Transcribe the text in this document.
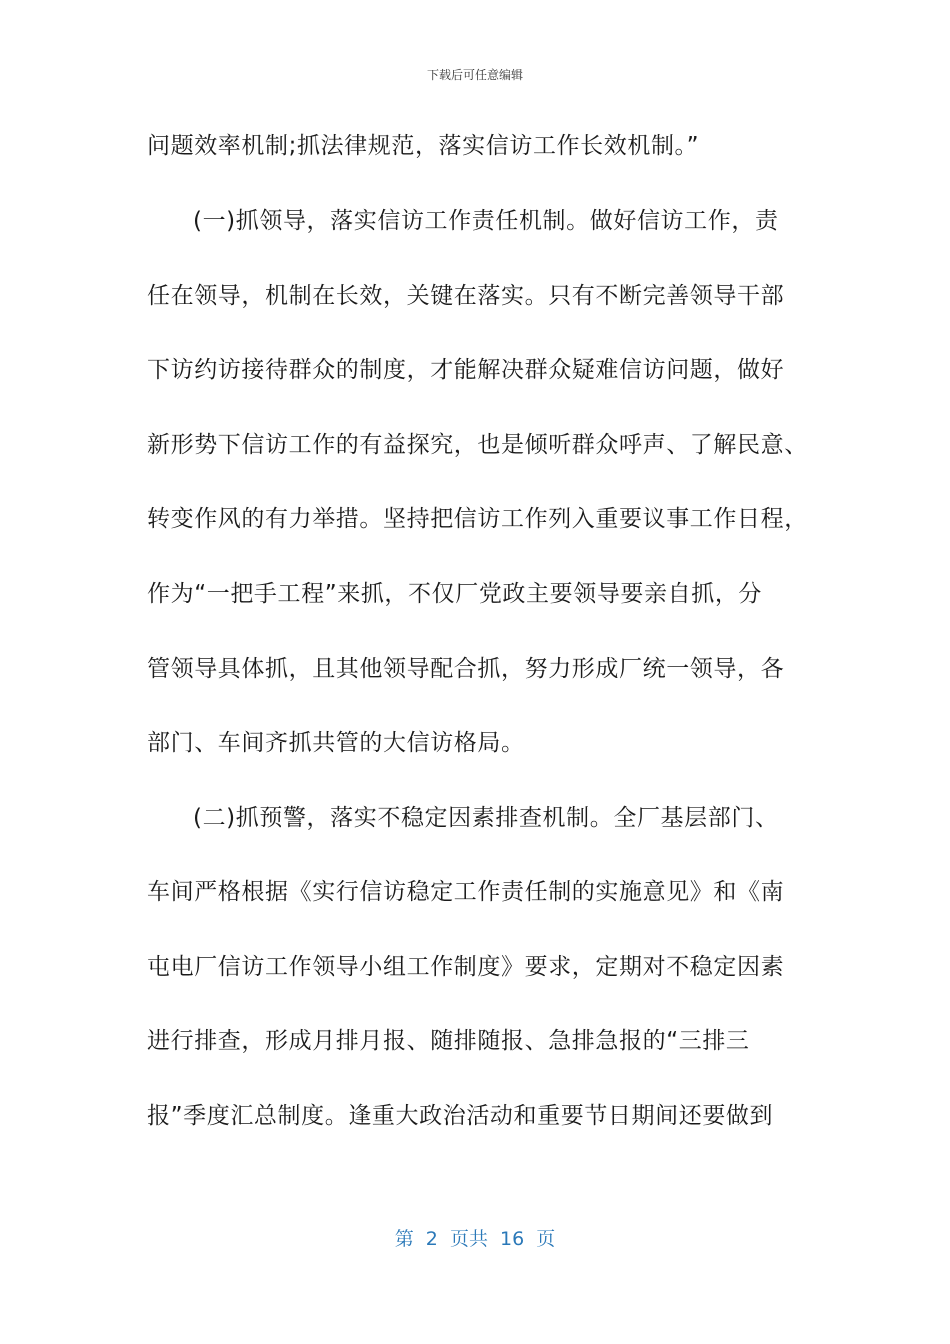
下载后可任意编辑
问题效率机制;抓法律规范，落实信访工作长效机制。”
(一)抓领导，落实信访工作责任机制。做好信访工作，责
任在领导，机制在长效，关键在落实。只有不断完善领导干部
下访约访接待群众的制度，才能解决群众疑难信访问题，做好
新形势下信访工作的有益探究，也是倾听群众呼声、了解民意、
转变作风的有力举措。坚持把信访工作列入重要议事工作日程，
作为“一把手工程”来抓，不仅厂党政主要领导要亲自抓，分
管领导具体抓，且其他领导配合抓，努力形成厂统一领导，各
部门、车间齐抓共管的大信访格局。
(二)抓预警，落实不稳定因素排查机制。全厂基层部门、
车间严格根据《实行信访稳定工作责任制的实施意见》和《南
屯电厂信访工作领导小组工作制度》要求，定期对不稳定因素
进行排查，形成月排月报、随排随报、急排急报的“三排三
报”季度汇总制度。逢重大政治活动和重要节日期间还要做到
第  2  页共  16  页
